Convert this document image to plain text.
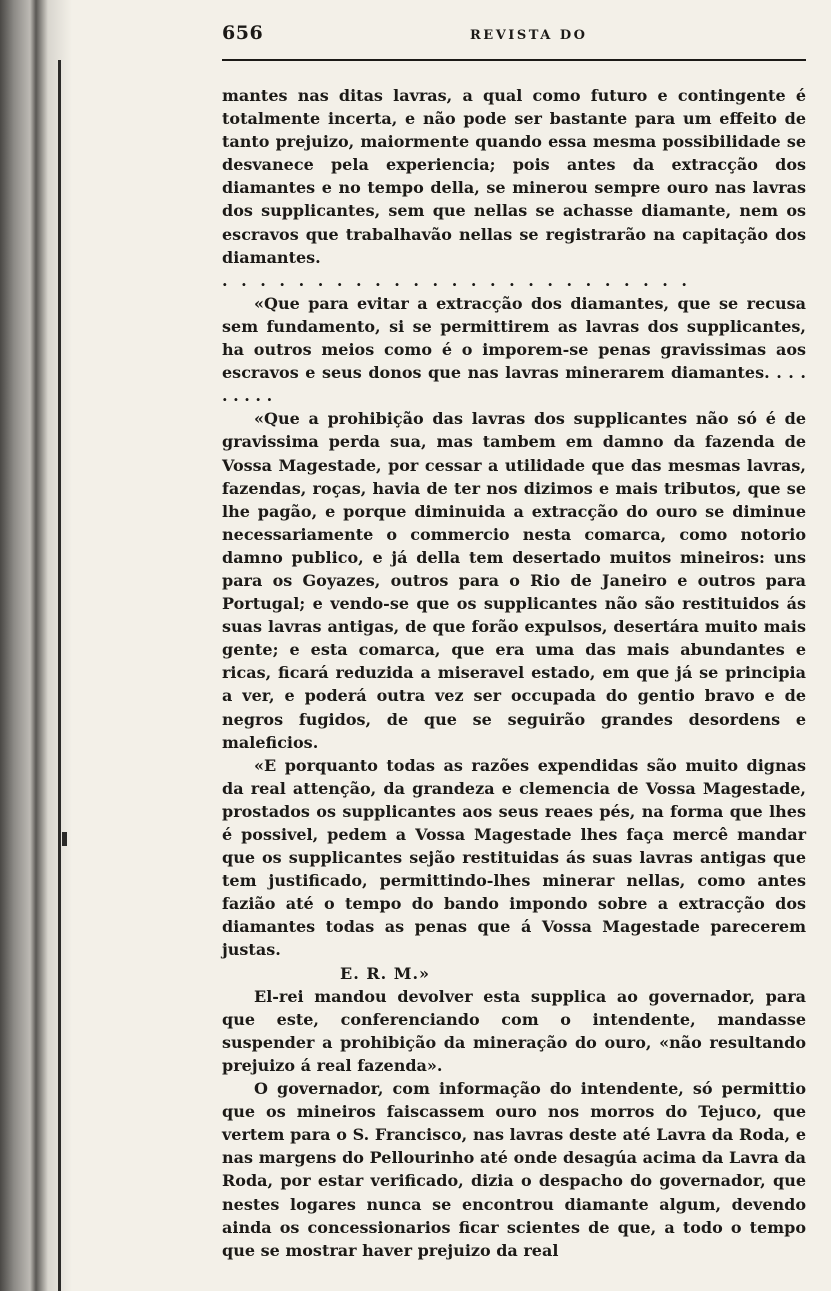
656	REVISTA DO

mantes nas ditas lavras, a qual como futuro e contingente é totalmente incerta, e não pode ser bastante para um effeito de tanto prejuizo, maiormente quando essa mesma possibilidade se desvanece pela experiencia; pois antes da extracção dos diamantes e no tempo della, se minerou sempre ouro nas lavras dos supplicantes, sem que nellas se achasse diamante, nem os escravos que trabalhavão nellas se registrarão na capitação dos diamantes.

. . . . . . . . . . . . . . . . . . . . . . . . .

«Que para evitar a extracção dos diamantes, que se recusa sem fundamento, si se permittirem as lavras dos supplicantes, ha outros meios como é o imporem-se penas gravissimas aos escravos e seus donos que nas lavras minerarem diamantes. . . . . . . . .

«Que a prohibição das lavras dos supplicantes não só é de gravissima perda sua, mas tambem em damno da fazenda de Vossa Magestade, por cessar a utilidade que das mesmas lavras, fazendas, roças, havia de ter nos dizimos e mais tributos, que se lhe pagão, e porque diminuida a extracção do ouro se diminue necessariamente o commercio nesta comarca, como notorio damno publico, e já della tem desertado muitos mineiros: uns para os Goyazes, outros para o Rio de Janeiro e outros para Portugal; e vendo-se que os supplicantes não são restituidos ás suas lavras antigas, de que forão expulsos, desertára muito mais gente; e esta comarca, que era uma das mais abundantes e ricas, ficará reduzida a miseravel estado, em que já se principia a ver, e poderá outra vez ser occupada do gentio bravo e de negros fugidos, de que se seguirão grandes desordens e maleficios.

«E porquanto todas as razões expendidas são muito dignas da real attenção, da grandeza e clemencia de Vossa Magestade, prostados os supplicantes aos seus reaes pés, na forma que lhes é possivel, pedem a Vossa Magestade lhes faça mercê mandar que os supplicantes sejão restituidas ás suas lavras antigas que tem justificado, permittindo-lhes minerar nellas, como antes fazião até o tempo do bando impondo sobre a extracção dos diamantes todas as penas que á Vossa Magestade parecerem justas.

E. R. M.»

El-rei mandou devolver esta supplica ao governador, para que este, conferenciando com o intendente, mandasse suspender a prohibição da mineração do ouro, «não resultando prejuizo á real fazenda».

O governador, com informação do intendente, só permittio que os mineiros faiscassem ouro nos morros do Tejuco, que vertem para o S. Francisco, nas lavras deste até Lavra da Roda, e nas margens do Pellourinho até onde desagúa acima da Lavra da Roda, por estar verificado, dizia o despacho do governador, que nestes logares nunca se encontrou diamante algum, devendo ainda os concessionarios ficar scientes de que, a todo o tempo que se mostrar haver prejuizo da real
